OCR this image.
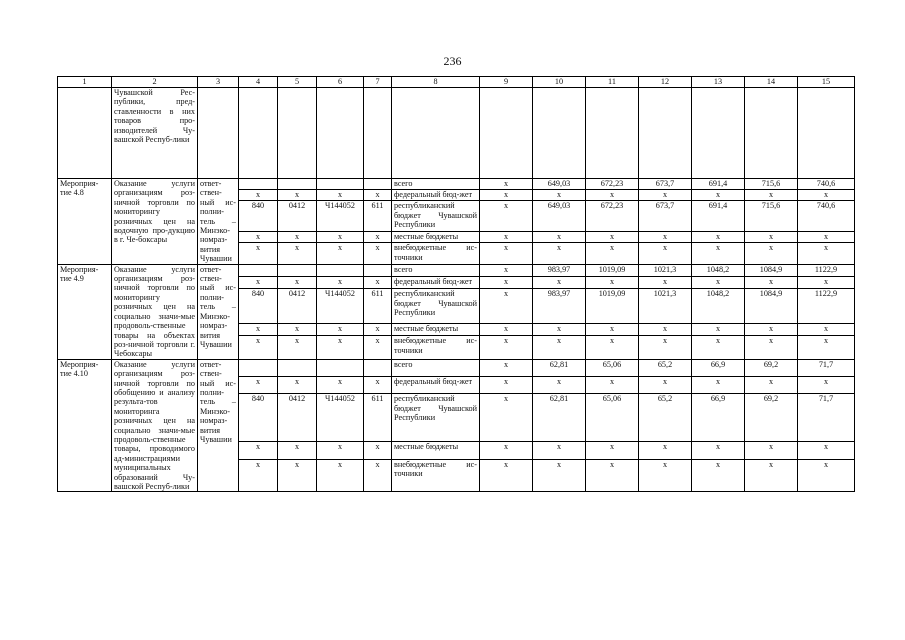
236
1	2	3	4	5	6	7	8	9	10	11	12	13	14	15
	Чувашской Рес-публики, пред-ставленности в них товаров про-изводителей Чу-вашской Респуб-лики													
Мероприя-тие 4.8	Оказание услуги организациям роз-ничной торговли по мониторингу розничных цен на водочную про-дукцию в г. Че-боксары	ответ-ствен-ный ис-полни-тель – Минэко-номраз-вития Чувашии					всего	x	649,03	672,23	673,7	691,4	715,6	740,6
			x	x	x	x	федеральный бюд-жет	x	x	x	x	x	x	x
			840	0412	Ч144052	611	республиканский бюджет Чувашской Республики	x	649,03	672,23	673,7	691,4	715,6	740,6
			x	x	x	x	местные бюджеты	x	x	x	x	x	x	x
			x	x	x	x	внебюджетные ис-точники	x	x	x	x	x	x	x
Мероприя-тие 4.9	Оказание услуги организациям роз-ничной торговли по мониторингу розничных цен на социально значи-мые продоволь-ственные товары на объектах роз-ничной торговли г. Чебоксары	ответ-ствен-ный ис-полни-тель – Минэко-номраз-вития Чувашии					всего	x	983,97	1019,09	1021,3	1048,2	1084,9	1122,9
			x	x	x	x	федеральный бюд-жет	x	x	x	x	x	x	x
			840	0412	Ч144052	611	республиканский бюджет Чувашской Республики	x	983,97	1019,09	1021,3	1048,2	1084,9	1122,9
			x	x	x	x	местные бюджеты	x	x	x	x	x	x	x
			x	x	x	x	внебюджетные ис-точники	x	x	x	x	x	x	x
Мероприя-тие 4.10	Оказание услуги организациям роз-ничной торговли по обобщению и анализу результа-тов мониторинга розничных цен на социально значи-мые продоволь-ственные товары, проводимого ад-министрациями муниципальных образований Чу-вашской Респуб-лики	ответ-ствен-ный ис-полни-тель – Минэко-номраз-вития Чувашии					всего	x	62,81	65,06	65,2	66,9	69,2	71,7
			x	x	x	x	федеральный бюд-жет	x	x	x	x	x	x	x
			840	0412	Ч144052	611	республиканский бюджет Чувашской Республики	x	62,81	65,06	65,2	66,9	69,2	71,7
			x	x	x	x	местные бюджеты	x	x	x	x	x	x	x
			x	x	x	x	внебюджетные ис-точники	x	x	x	x	x	x	x
